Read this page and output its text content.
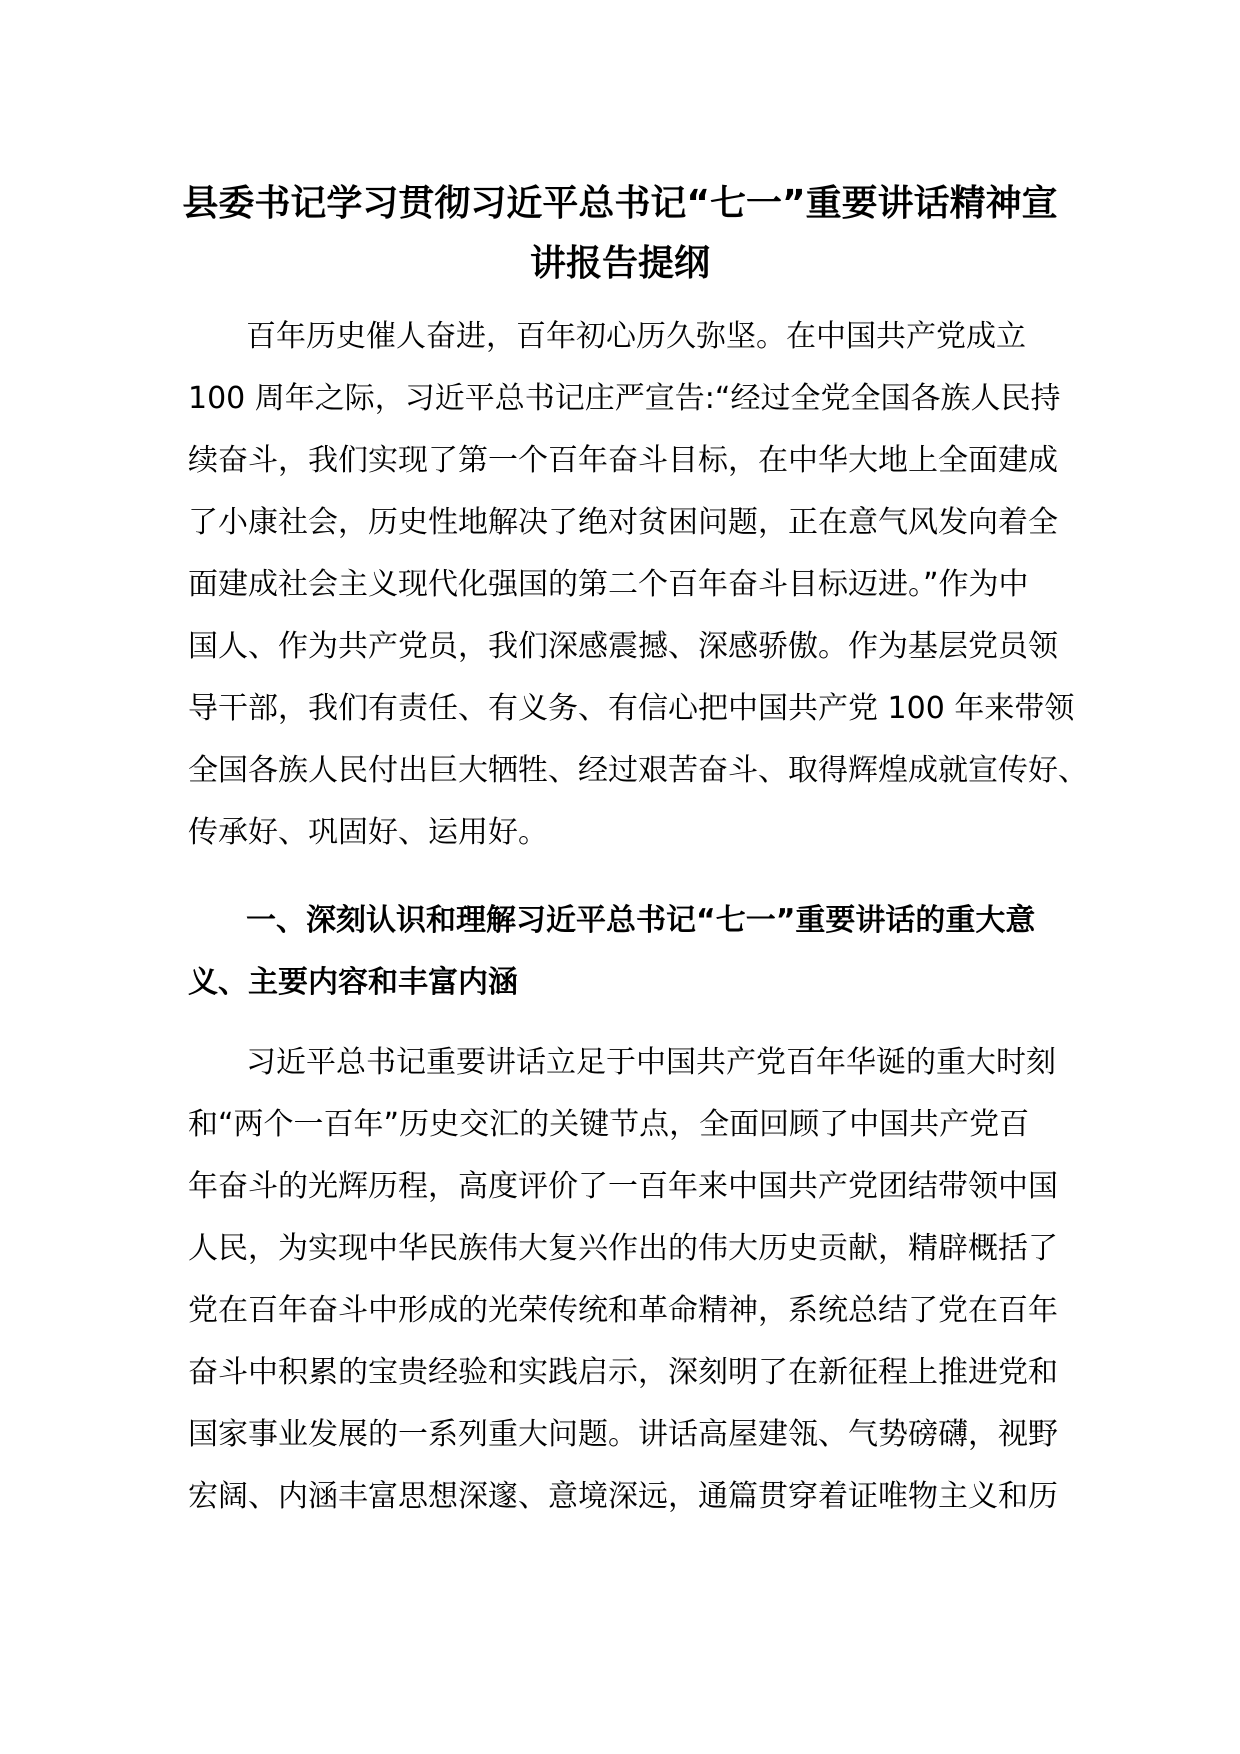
县委书记学习贯彻习近平总书记“七一”重要讲话精神宣
讲报告提纲
百年历史催人奋进，百年初心历久弥坚。在中国共产党成立
100 周年之际，习近平总书记庄严宣告:“经过全党全国各族人民持
续奋斗，我们实现了第一个百年奋斗目标，在中华大地上全面建成
了小康社会，历史性地解决了绝对贫困问题，正在意气风发向着全
面建成社会主义现代化强国的第二个百年奋斗目标迈进。”作为中
国人、作为共产党员，我们深感震撼、深感骄傲。作为基层党员领
导干部，我们有责任、有义务、有信心把中国共产党 100 年来带领
全国各族人民付出巨大牺牲、经过艰苦奋斗、取得辉煌成就宣传好、
传承好、巩固好、运用好。
一、深刻认识和理解习近平总书记“七一”重要讲话的重大意
义、主要内容和丰富内涵
习近平总书记重要讲话立足于中国共产党百年华诞的重大时刻
和“两个一百年”历史交汇的关键节点，全面回顾了中国共产党百
年奋斗的光辉历程，高度评价了一百年来中国共产党团结带领中国
人民，为实现中华民族伟大复兴作出的伟大历史贡献，精辟概括了
党在百年奋斗中形成的光荣传统和革命精神，系统总结了党在百年
奋斗中积累的宝贵经验和实践启示，深刻明了在新征程上推进党和
国家事业发展的一系列重大问题。讲话高屋建瓴、气势磅礴，视野
宏阔、内涵丰富思想深邃、意境深远，通篇贯穿着证唯物主义和历
